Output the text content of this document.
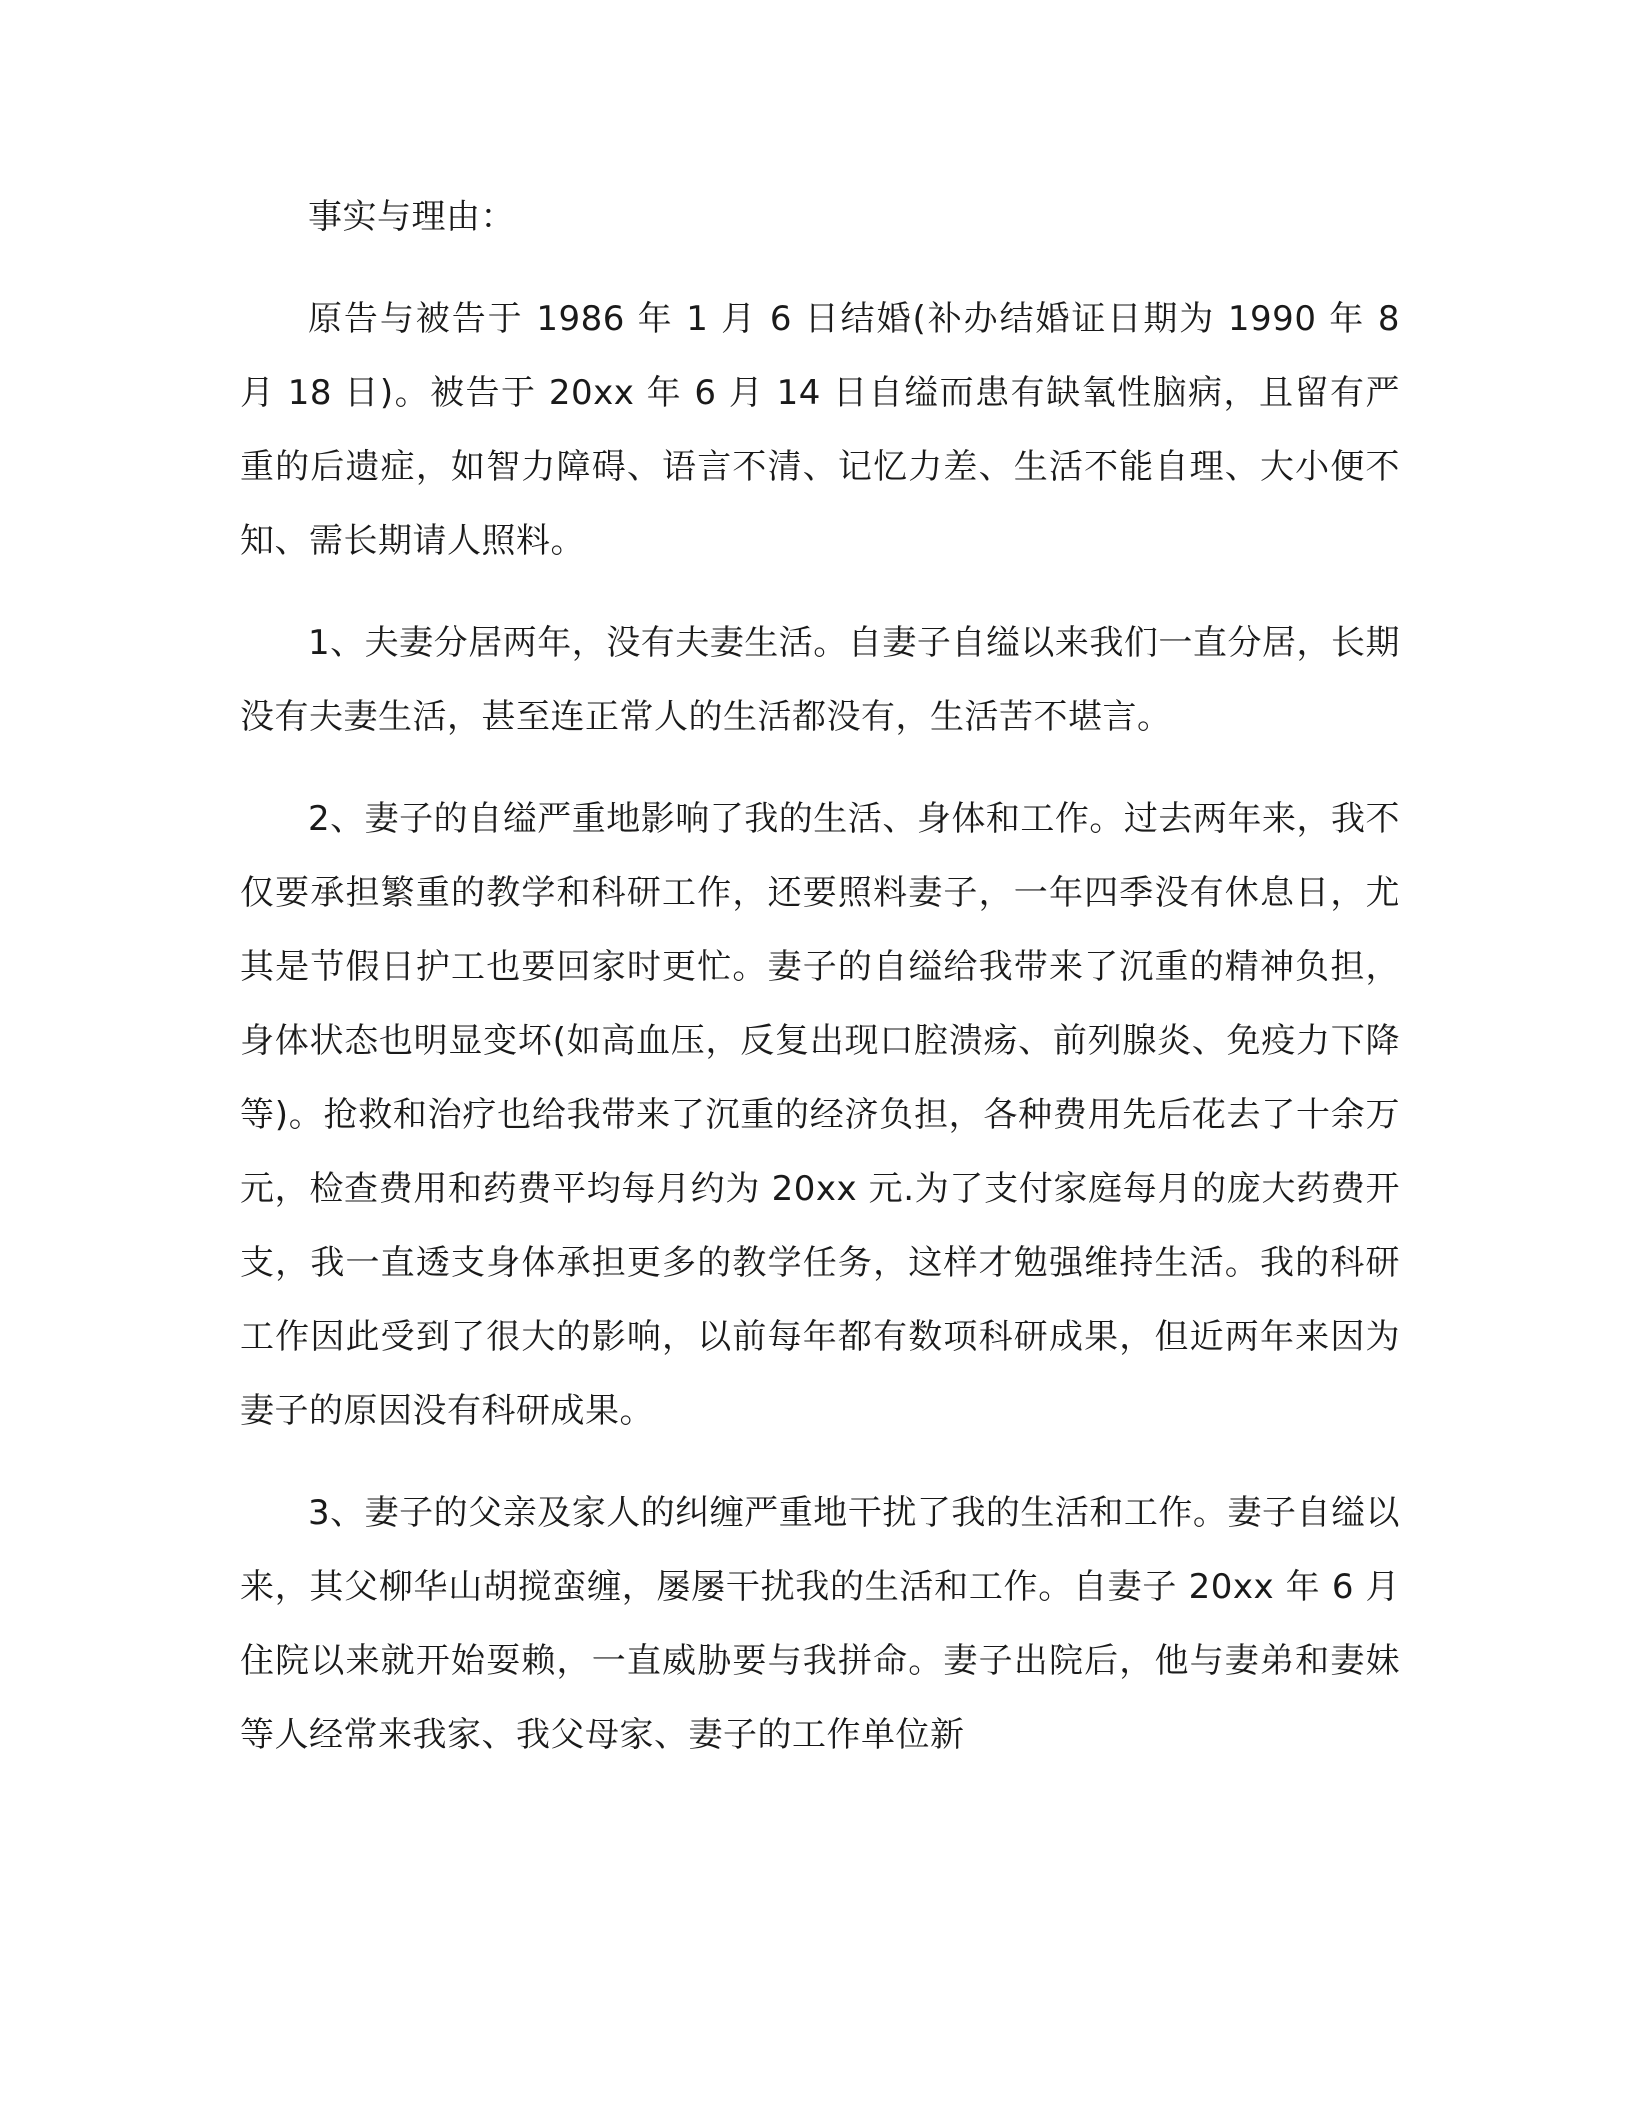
事实与理由：

原告与被告于 1986 年 1 月 6 日结婚(补办结婚证日期为 1990 年 8 月 18 日)。被告于 20xx 年 6 月 14 日自缢而患有缺氧性脑病，且留有严重的后遗症，如智力障碍、语言不清、记忆力差、生活不能自理、大小便不知、需长期请人照料。

1、夫妻分居两年，没有夫妻生活。自妻子自缢以来我们一直分居，长期没有夫妻生活，甚至连正常人的生活都没有，生活苦不堪言。

2、妻子的自缢严重地影响了我的生活、身体和工作。过去两年来，我不仅要承担繁重的教学和科研工作，还要照料妻子，一年四季没有休息日，尤其是节假日护工也要回家时更忙。妻子的自缢给我带来了沉重的精神负担，身体状态也明显变坏(如高血压，反复出现口腔溃疡、前列腺炎、免疫力下降等)。抢救和治疗也给我带来了沉重的经济负担，各种费用先后花去了十余万元，检查费用和药费平均每月约为 20xx 元.为了支付家庭每月的庞大药费开支，我一直透支身体承担更多的教学任务，这样才勉强维持生活。我的科研工作因此受到了很大的影响，以前每年都有数项科研成果，但近两年来因为妻子的原因没有科研成果。

3、妻子的父亲及家人的纠缠严重地干扰了我的生活和工作。妻子自缢以来，其父柳华山胡搅蛮缠，屡屡干扰我的生活和工作。自妻子 20xx 年 6 月住院以来就开始耍赖，一直威胁要与我拼命。妻子出院后，他与妻弟和妻妹等人经常来我家、我父母家、妻子的工作单位新
